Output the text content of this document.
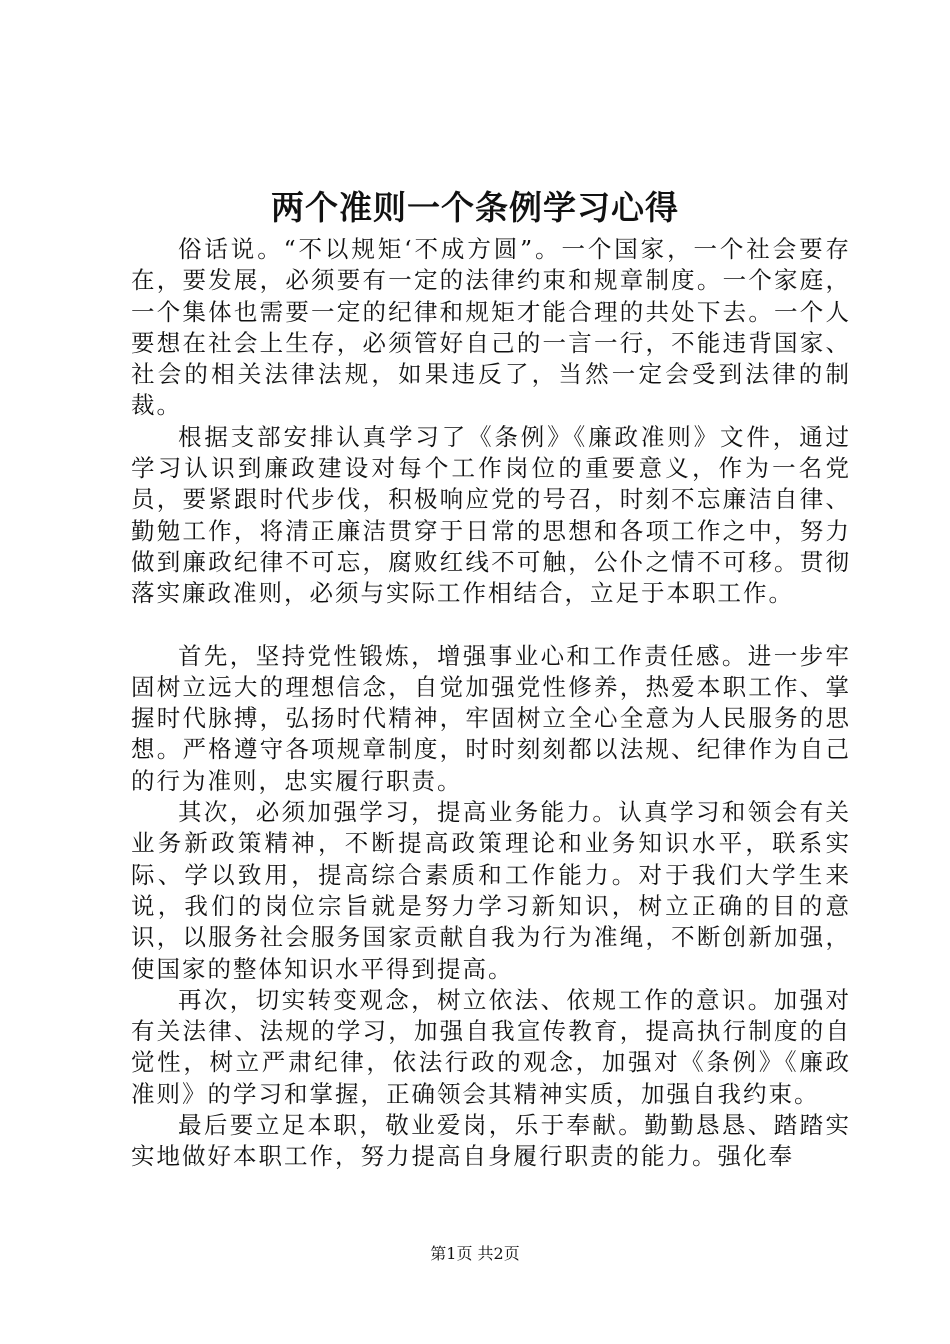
两个准则一个条例学习心得

俗话说。“不以规矩‘不成方圆”。一个国家，一个社会要存在，要发展，必须要有一定的法律约束和规章制度。一个家庭，一个集体也需要一定的纪律和规矩才能合理的共处下去。一个人要想在社会上生存，必须管好自己的一言一行，不能违背国家、社会的相关法律法规，如果违反了，当然一定会受到法律的制裁。

根据支部安排认真学习了《条例》《廉政准则》文件，通过学习认识到廉政建设对每个工作岗位的重要意义，作为一名党员，要紧跟时代步伐，积极响应党的号召，时刻不忘廉洁自律、勤勉工作，将清正廉洁贯穿于日常的思想和各项工作之中，努力做到廉政纪律不可忘，腐败红线不可触，公仆之情不可移。贯彻落实廉政准则，必须与实际工作相结合，立足于本职工作。

首先，坚持党性锻炼，增强事业心和工作责任感。进一步牢固树立远大的理想信念，自觉加强党性修养，热爱本职工作、掌握时代脉搏，弘扬时代精神，牢固树立全心全意为人民服务的思想。严格遵守各项规章制度，时时刻刻都以法规、纪律作为自己的行为准则，忠实履行职责。

其次，必须加强学习，提高业务能力。认真学习和领会有关业务新政策精神，不断提高政策理论和业务知识水平，联系实际、学以致用，提高综合素质和工作能力。对于我们大学生来说，我们的岗位宗旨就是努力学习新知识，树立正确的目的意识，以服务社会服务国家贡献自我为行为准绳，不断创新加强，使国家的整体知识水平得到提高。

再次，切实转变观念，树立依法、依规工作的意识。加强对有关法律、法规的学习，加强自我宣传教育，提高执行制度的自觉性，树立严肃纪律，依法行政的观念，加强对《条例》《廉政准则》的学习和掌握，正确领会其精神实质，加强自我约束。

最后要立足本职，敬业爱岗，乐于奉献。勤勤恳恳、踏踏实实地做好本职工作，努力提高自身履行职责的能力。强化奉

第1页 共2页
